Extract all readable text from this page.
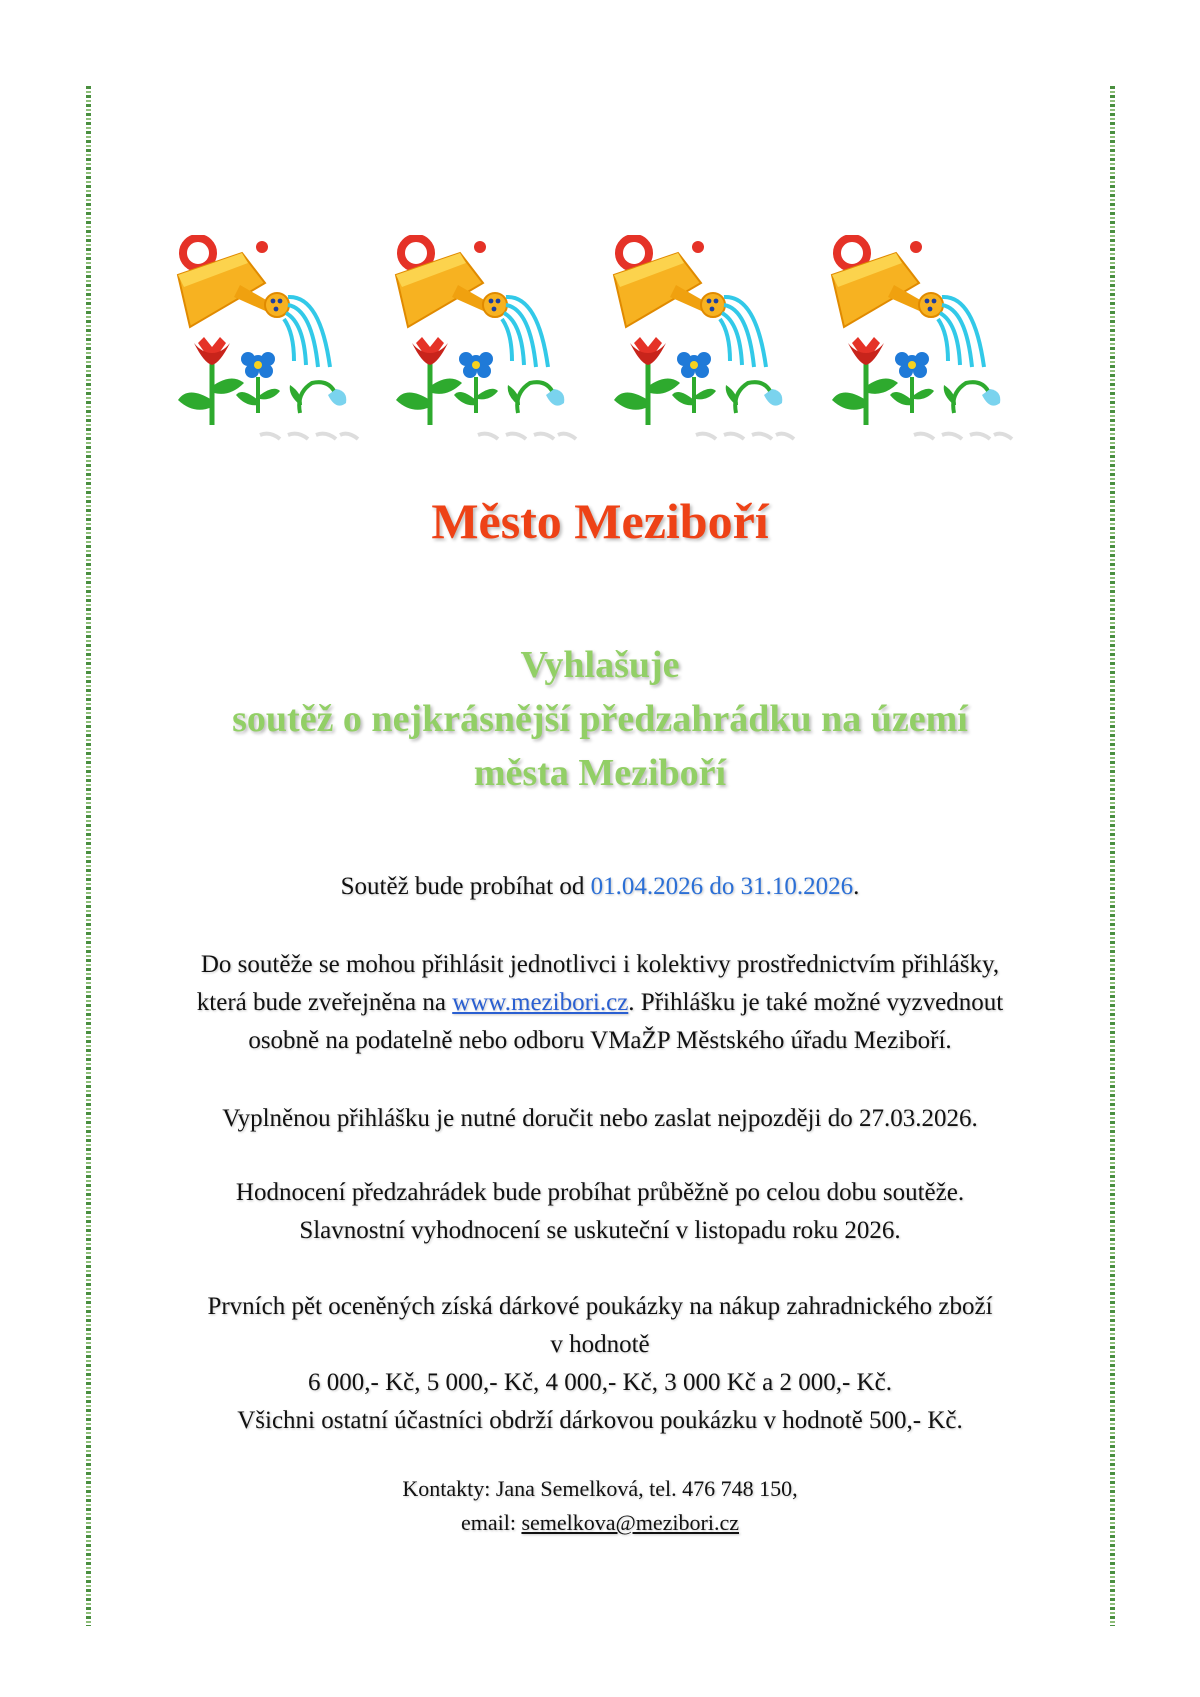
Město Meziboří
Vyhlašuje
soutěž o nejkrásnější předzahrádku na území
města Meziboří
Soutěž bude probíhat od 01.04.2026 do 31.10.2026.
Do soutěže se mohou přihlásit jednotlivci i kolektivy prostřednictvím přihlášky,
která bude zveřejněna na www.mezibori.cz. Přihlášku je také možné vyzvednout
osobně na podatelně nebo odboru VMaŽP Městského úřadu Meziboří.
Vyplněnou přihlášku je nutné doručit nebo zaslat nejpozději do 27.03.2026.
Hodnocení předzahrádek bude probíhat průběžně po celou dobu soutěže.
Slavnostní vyhodnocení se uskuteční v listopadu roku 2026.
Prvních pět oceněných získá dárkové poukázky na nákup zahradnického zboží
v hodnotě
6 000,- Kč, 5 000,- Kč, 4 000,- Kč, 3 000 Kč a 2 000,- Kč.
Všichni ostatní účastníci obdrží dárkovou poukázku v hodnotě 500,- Kč.
Kontakty: Jana Semelková, tel. 476 748 150,
email: semelkova@mezibori.cz
